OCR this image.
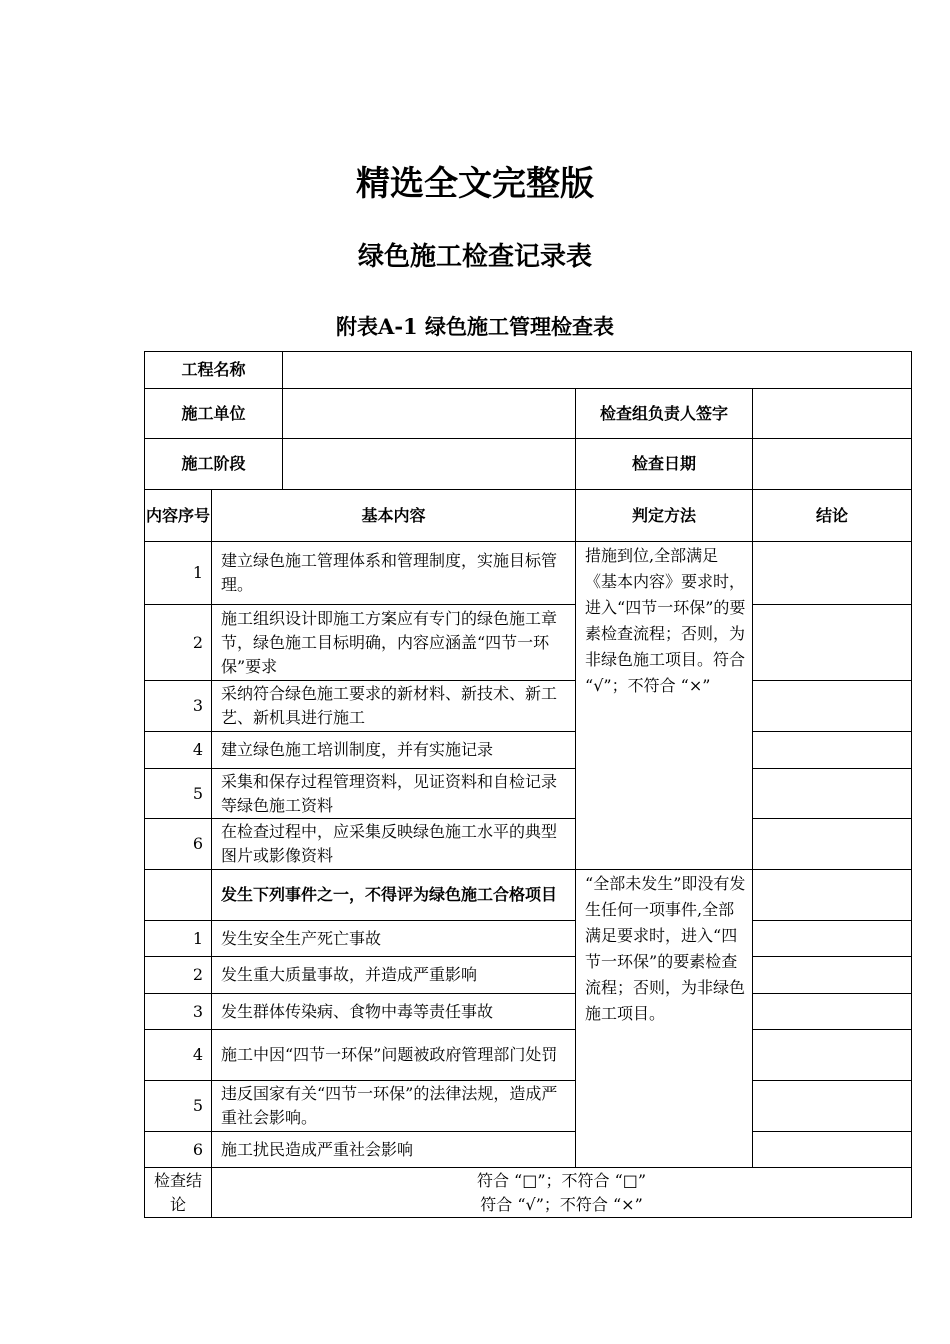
精选全文完整版
绿色施工检查记录表
附表A-1 绿色施工管理检查表
工程名称				
施工单位			检查组负责人签字	
施工阶段			检查日期	
内容序号	基本内容		判定方法	结论
1	建立绿色施工管理体系和管理制度，实施目标管理。		措施到位,全部满足《基本内容》要求时，进入“四节一环保”的要素检查流程；否则，为非绿色施工项目。符合 “√”；不符合 “×”	
2	施工组织设计即施工方案应有专门的绿色施工章节，绿色施工目标明确，内容应涵盖“四节一环保”要求			
3	采纳符合绿色施工要求的新材料、新技术、新工艺、新机具进行施工			
4	建立绿色施工培训制度，并有实施记录			
5	采集和保存过程管理资料，见证资料和自检记录等绿色施工资料			
6	在检查过程中，应采集反映绿色施工水平的典型图片或影像资料			
	发生下列事件之一，不得评为绿色施工合格项目		“全部未发生”即没有发生任何一项事件,全部满足要求时，进入“四节一环保”的要素检查流程；否则，为非绿色施工项目。	
1	发生安全生产死亡事故			
2	发生重大质量事故，并造成严重影响			
3	发生群体传染病、食物中毒等责任事故			
4	施工中因“四节一环保”问题被政府管理部门处罚			
5	违反国家有关“四节一环保”的法律法规，造成严重社会影响。			
6	施工扰民造成严重社会影响			
检查结论	符合 “□”；不符合 “□”
符合 “√”；不符合 “×”			
